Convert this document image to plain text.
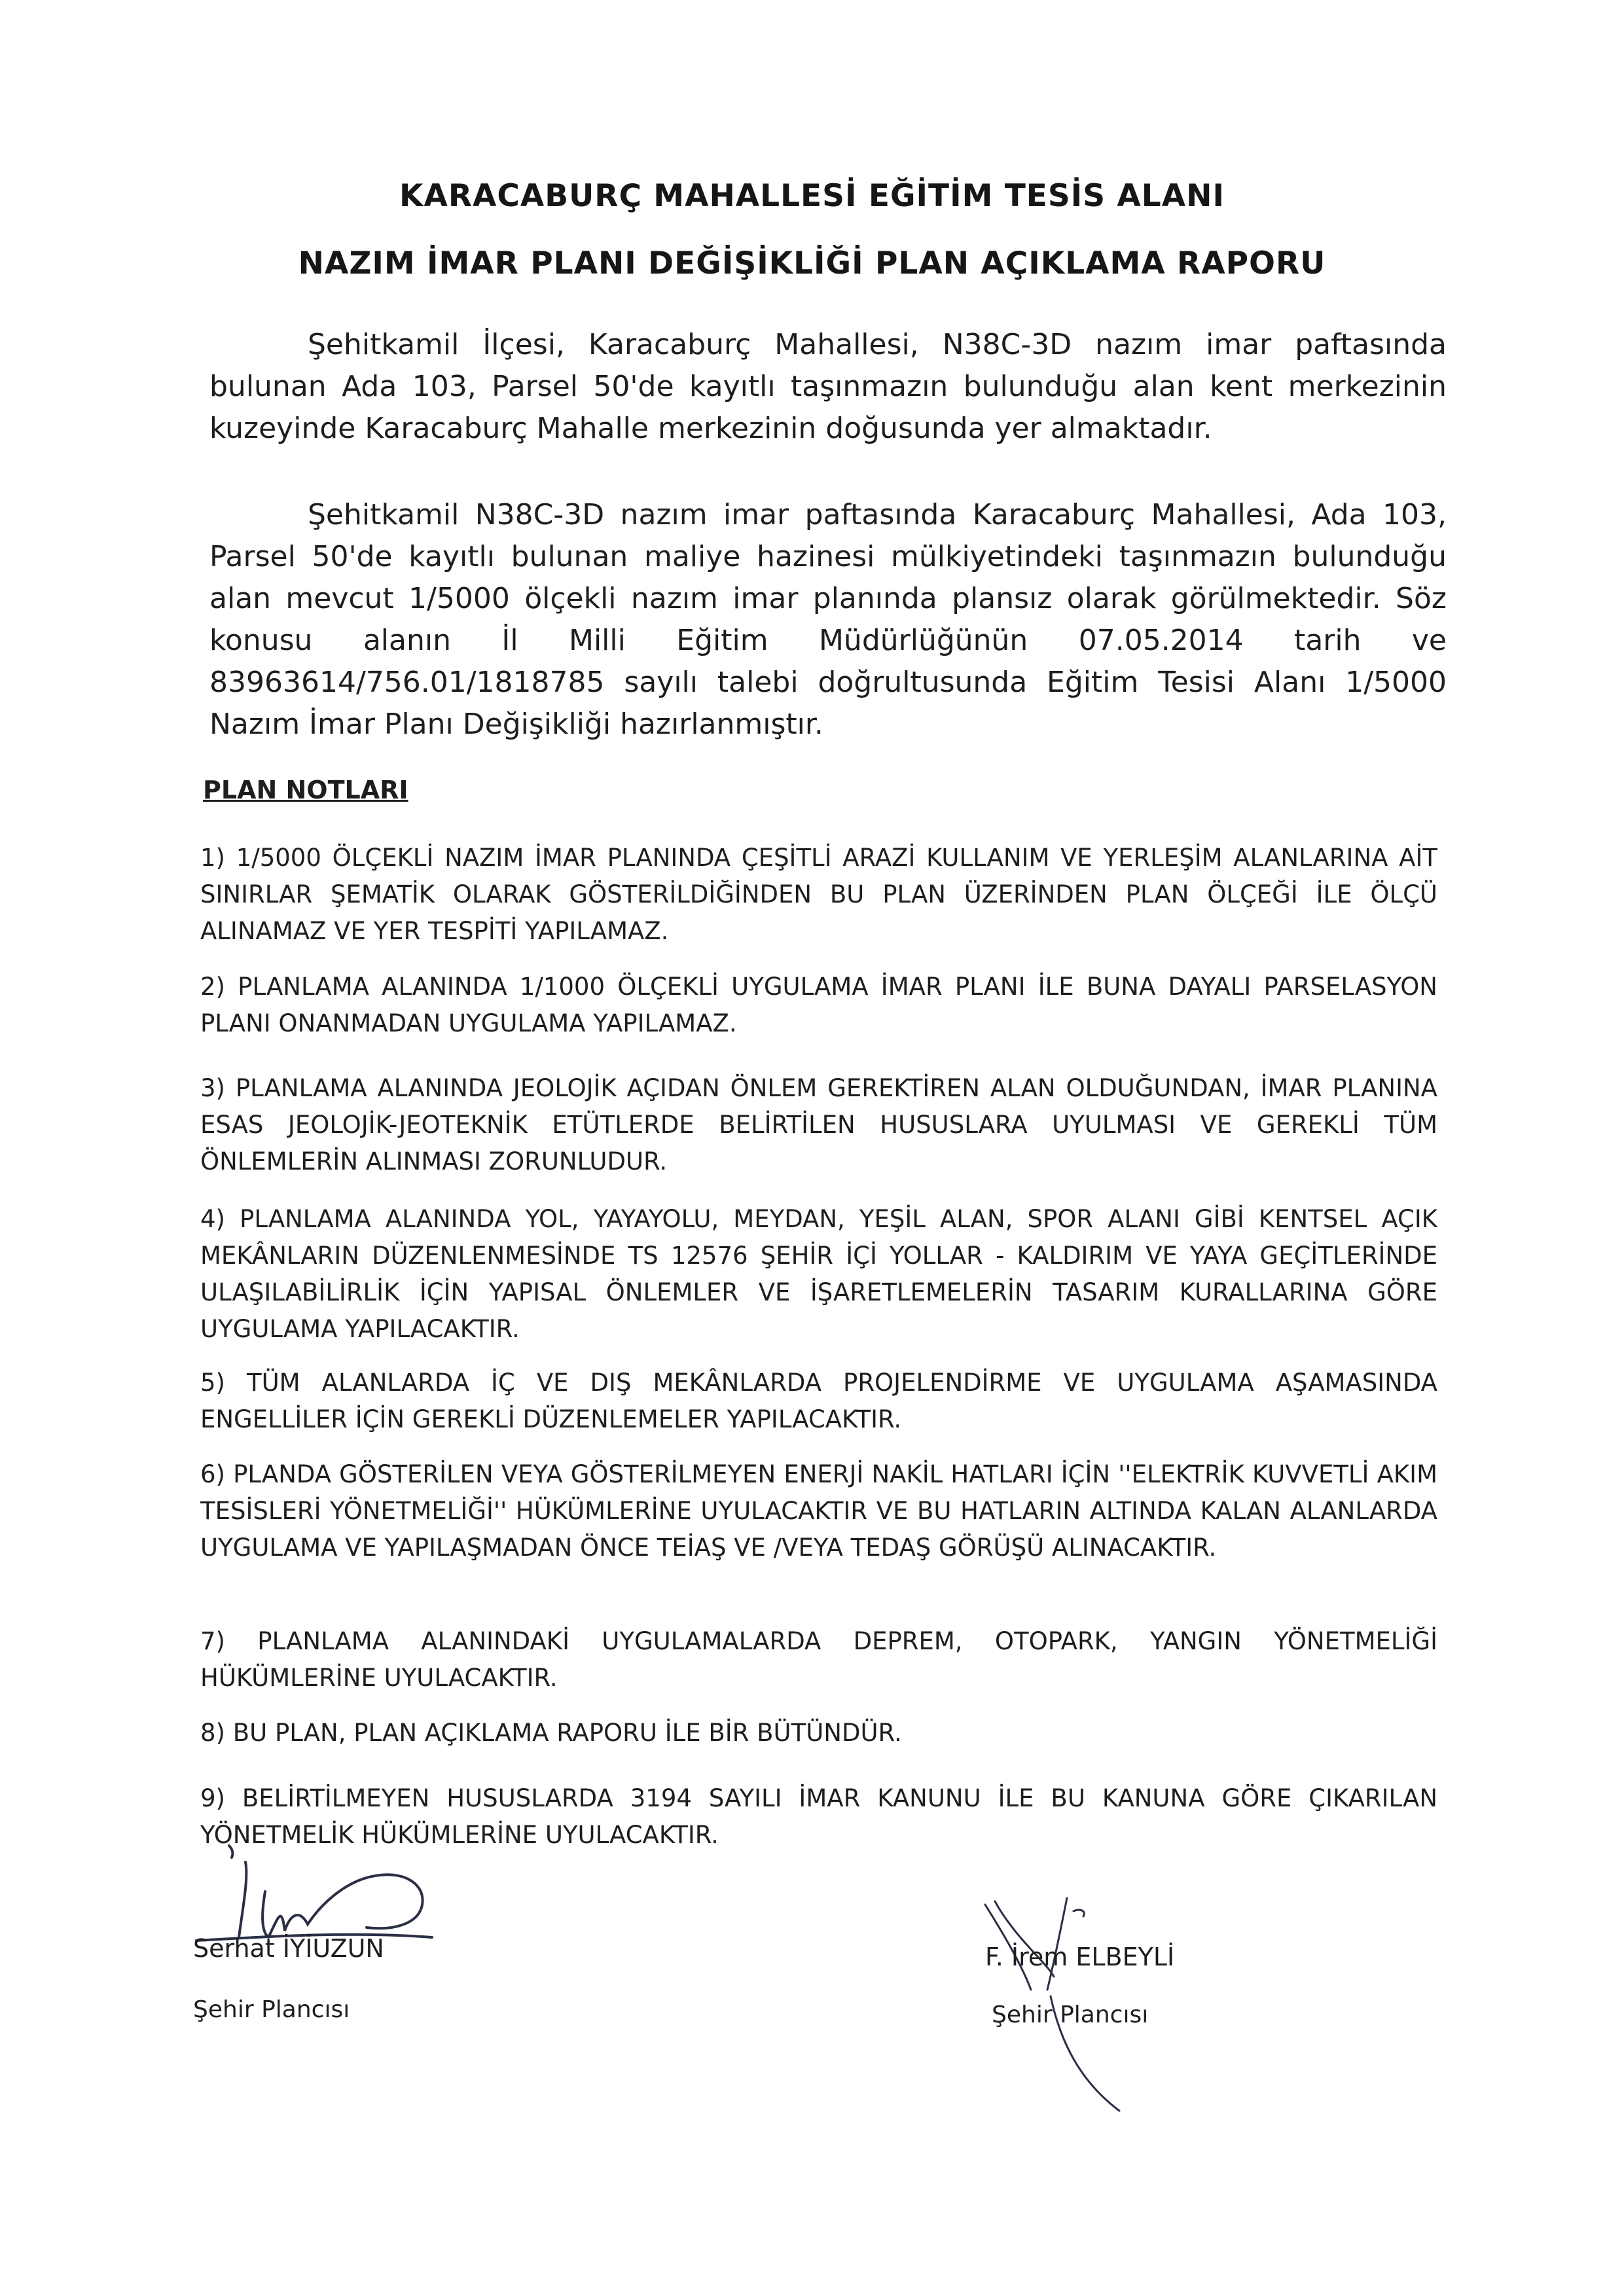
KARACABURÇ MAHALLESİ EĞİTİM TESİS ALANI
NAZIM İMAR PLANI DEĞİŞİKLİĞİ PLAN AÇIKLAMA RAPORU
Şehitkamil İlçesi, Karacaburç Mahallesi, N38C-3D nazım imar paftasında bulunan Ada 103, Parsel 50'de kayıtlı taşınmazın bulunduğu alan kent merkezinin kuzeyinde Karacaburç Mahalle merkezinin doğusunda yer almaktadır.
Şehitkamil N38C-3D nazım imar paftasında Karacaburç Mahallesi, Ada 103, Parsel 50'de kayıtlı bulunan maliye hazinesi mülkiyetindeki taşınmazın bulunduğu alan mevcut 1/5000 ölçekli nazım imar planında plansız olarak görülmektedir. Söz konusu alanın İl Milli Eğitim Müdürlüğünün 07.05.2014 tarih ve 83963614/756.01/1818785 sayılı talebi doğrultusunda Eğitim Tesisi Alanı 1/5000 Nazım İmar Planı Değişikliği hazırlanmıştır.
PLAN NOTLARI
1) 1/5000 ÖLÇEKLİ NAZIM İMAR PLANINDA ÇEŞİTLİ ARAZİ KULLANIM VE YERLEŞİM ALANLARINA AİT SINIRLAR ŞEMATİK OLARAK GÖSTERİLDİĞİNDEN BU PLAN ÜZERİNDEN PLAN ÖLÇEĞİ İLE ÖLÇÜ ALINAMAZ VE YER TESPİTİ YAPILAMAZ.
2) PLANLAMA ALANINDA 1/1000 ÖLÇEKLİ UYGULAMA İMAR PLANI İLE BUNA DAYALI PARSELASYON PLANI ONANMADAN UYGULAMA YAPILAMAZ.
3) PLANLAMA ALANINDA JEOLOJİK AÇIDAN ÖNLEM GEREKTİREN ALAN OLDUĞUNDAN, İMAR PLANINA ESAS JEOLOJİK-JEOTEKNİK ETÜTLERDE BELİRTİLEN HUSUSLARA UYULMASI VE GEREKLİ TÜM ÖNLEMLERİN ALINMASI ZORUNLUDUR.
4) PLANLAMA ALANINDA YOL, YAYAYOLU, MEYDAN, YEŞİL ALAN, SPOR ALANI GİBİ KENTSEL AÇIK MEKÂNLARIN DÜZENLENMESİNDE TS 12576 ŞEHİR İÇİ YOLLAR - KALDIRIM VE YAYA GEÇİTLERİNDE ULAŞILABİLİRLİK İÇİN YAPISAL ÖNLEMLER VE İŞARETLEMELERİN TASARIM KURALLARINA GÖRE UYGULAMA YAPILACAKTIR.
5) TÜM ALANLARDA İÇ VE DIŞ MEKÂNLARDA PROJELENDİRME VE UYGULAMA AŞAMASINDA ENGELLİLER İÇİN GEREKLİ DÜZENLEMELER YAPILACAKTIR.
6) PLANDA GÖSTERİLEN VEYA GÖSTERİLMEYEN ENERJİ NAKİL HATLARI İÇİN ''ELEKTRİK KUVVETLİ AKIM TESİSLERİ YÖNETMELİĞİ'' HÜKÜMLERİNE UYULACAKTIR VE BU HATLARIN ALTINDA KALAN ALANLARDA UYGULAMA VE YAPILAŞMADAN ÖNCE TEİAŞ VE /VEYA TEDAŞ GÖRÜŞÜ ALINACAKTIR.
7) PLANLAMA ALANINDAKİ UYGULAMALARDA DEPREM, OTOPARK, YANGIN YÖNETMELİĞİ HÜKÜMLERİNE UYULACAKTIR.
8) BU PLAN, PLAN AÇIKLAMA RAPORU İLE BİR BÜTÜNDÜR.
9) BELİRTİLMEYEN HUSUSLARDA 3194 SAYILI İMAR KANUNU İLE BU KANUNA GÖRE ÇIKARILAN YÖNETMELİK HÜKÜMLERİNE UYULACAKTIR.
Serhat İYİUZUN
Şehir Plancısı
F. İrem ELBEYLİ
Şehir Plancısı
